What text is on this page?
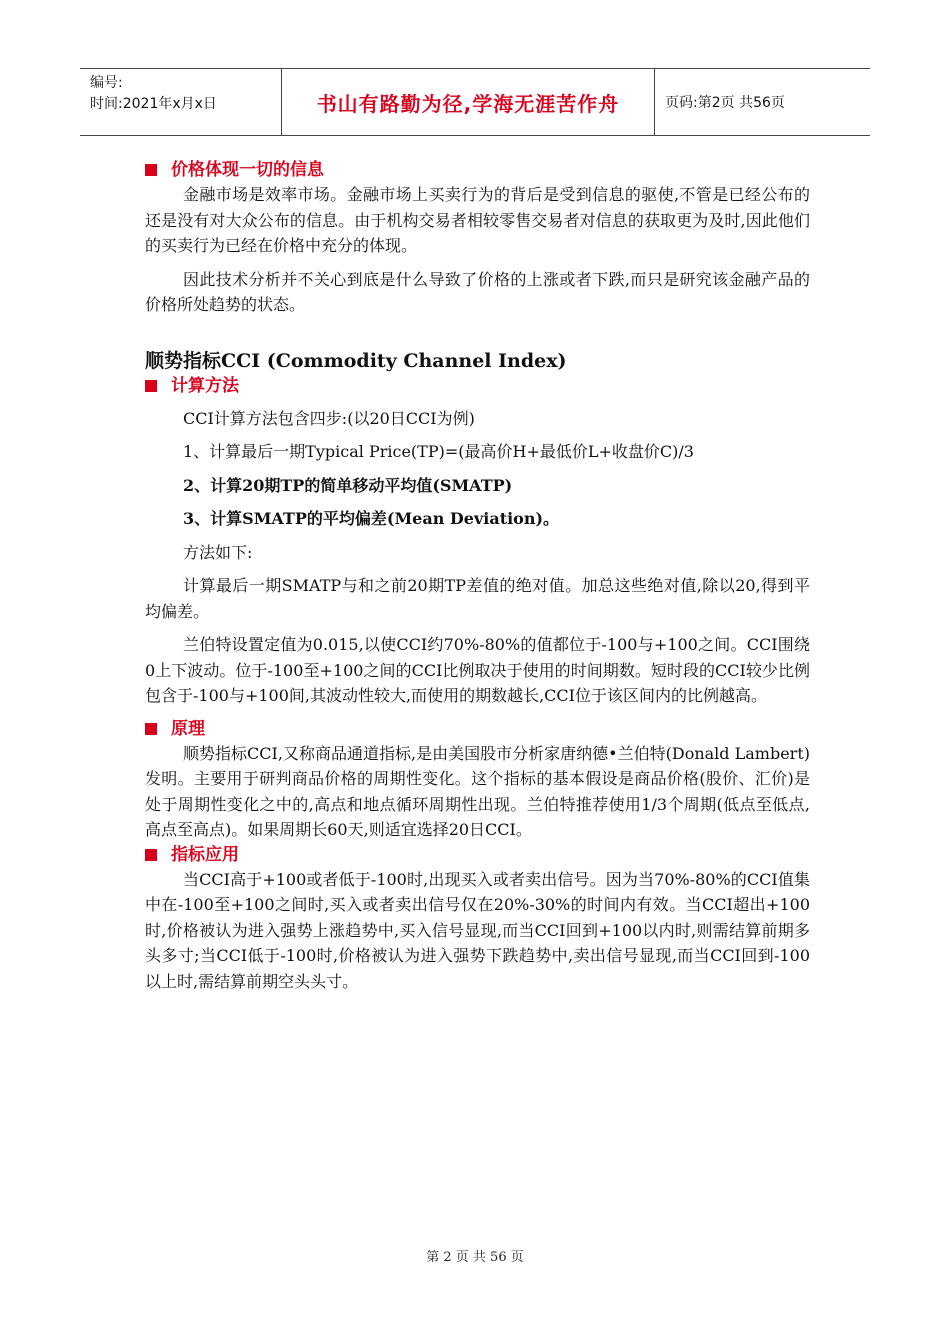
编号:
时间:2021年x月x日	书山有路勤为径,学海无涯苦作舟	页码:第2页 共56页
价格体现一切的信息

金融市场是效率市场。金融市场上买卖行为的背后是受到信息的驱使,不管是已经公布的还是没有对大众公布的信息。由于机构交易者相较零售交易者对信息的获取更为及时,因此他们的买卖行为已经在价格中充分的体现。

因此技术分析并不关心到底是什么导致了价格的上涨或者下跌,而只是研究该金融产品的价格所处趋势的状态。

顺势指标CCI (Commodity Channel Index)
计算方法

CCI计算方法包含四步:(以20日CCI为例)

1、计算最后一期Typical Price(TP)=(最高价H+最低价L+收盘价C)/3

2、计算20期TP的简单移动平均值(SMATP)

3、计算SMATP的平均偏差(Mean Deviation)。

方法如下:

计算最后一期SMATP与和之前20期TP差值的绝对值。加总这些绝对值,除以20,得到平均偏差。

兰伯特设置定值为0.015,以使CCI约70%-80%的值都位于-100与+100之间。CCI围绕0上下波动。位于-100至+100之间的CCI比例取决于使用的时间期数。短时段的CCI较少比例包含于-100与+100间,其波动性较大,而使用的期数越长,CCI位于该区间内的比例越高。

原理

顺势指标CCI,又称商品通道指标,是由美国股市分析家唐纳德•兰伯特(Donald Lambert)发明。主要用于研判商品价格的周期性变化。这个指标的基本假设是商品价格(股价、汇价)是处于周期性变化之中的,高点和地点循环周期性出现。兰伯特推荐使用1/3个周期(低点至低点,高点至高点)。如果周期长60天,则适宜选择20日CCI。

指标应用

当CCI高于+100或者低于-100时,出现买入或者卖出信号。因为当70%-80%的CCI值集中在-100至+100之间时,买入或者卖出信号仅在20%-30%的时间内有效。当CCI超出+100时,价格被认为进入强势上涨趋势中,买入信号显现,而当CCI回到+100以内时,则需结算前期多头多寸;当CCI低于-100时,价格被认为进入强势下跌趋势中,卖出信号显现,而当CCI回到-100以上时,需结算前期空头头寸。

第 2 页 共 56 页
